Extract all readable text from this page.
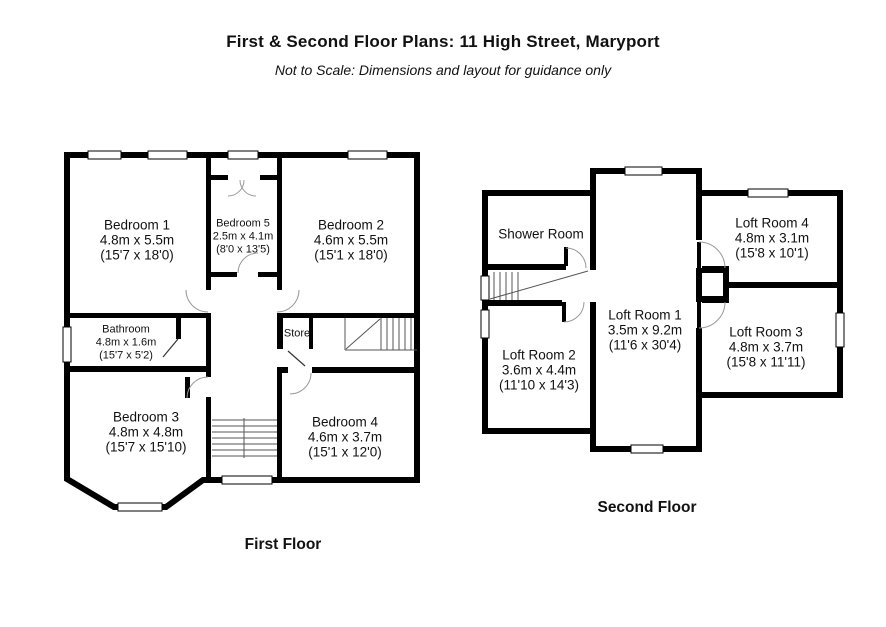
First & Second Floor Plans: 11 High Street, Maryport
Not to Scale: Dimensions and layout for guidance only
Bedroom 1
4.8m x 5.5m
(15'7 x 18'0)
Bedroom 5
2.5m x 4.1m
(8'0 x 13'5)
Bedroom 2
4.6m x 5.5m
(15'1 x 18'0)
Bathroom
4.8m x 1.6m
(15'7 x 5'2)
Store
Bedroom 3
4.8m x 4.8m
(15'7 x 15'10)
Bedroom 4
4.6m x 3.7m
(15'1 x 12'0)
Shower Room
Loft Room 4
4.8m x 3.1m
(15'8 x 10'1)
Loft Room 1
3.5m x 9.2m
(11'6 x 30'4)
Loft Room 2
3.6m x 4.4m
(11'10 x 14'3)
Loft Room 3
4.8m x 3.7m
(15'8 x 11'11)
First Floor
Second Floor
